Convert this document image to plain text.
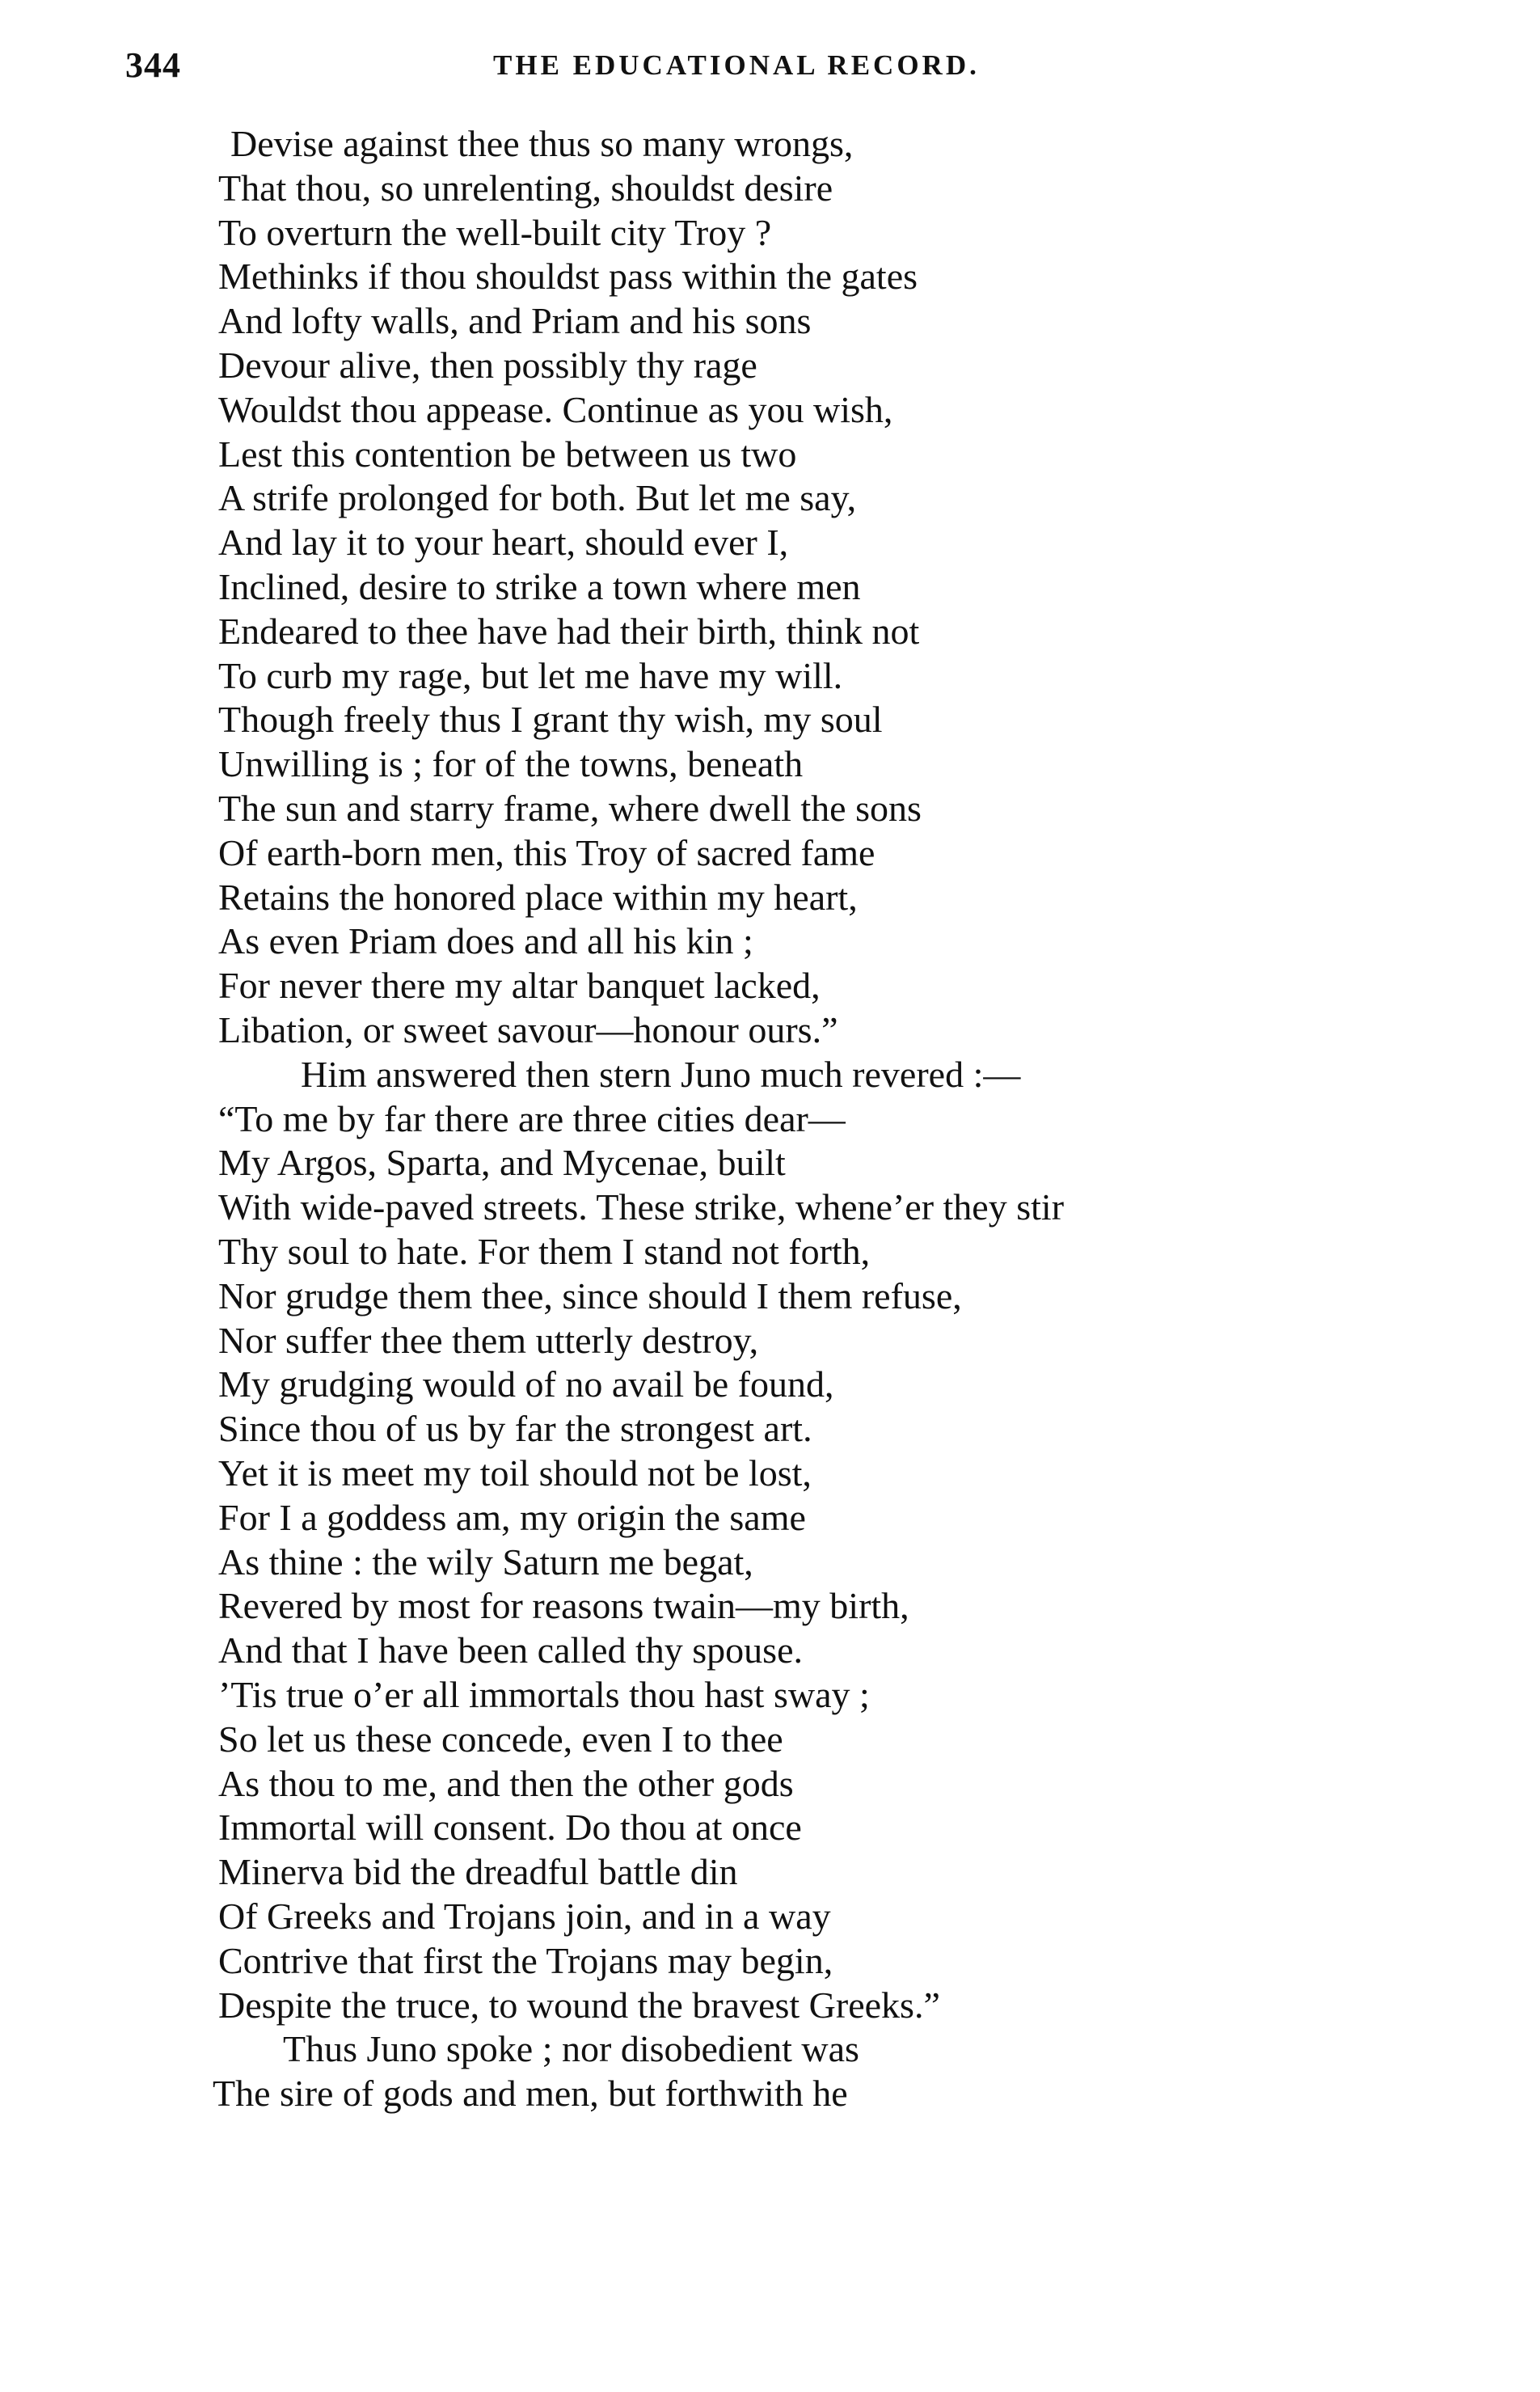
344	THE EDUCATIONAL RECORD.
Devise against thee thus so many wrongs,
That thou, so unrelenting, shouldst desire
To overturn the well-built city Troy ?
Methinks if thou shouldst pass within the gates
And lofty walls, and Priam and his sons
Devour alive, then possibly thy rage
Wouldst thou appease. Continue as you wish,
Lest this contention be between us two
A strife prolonged for both. But let me say,
And lay it to your heart, should ever I,
Inclined, desire to strike a town where men
Endeared to thee have had their birth, think not
To curb my rage, but let me have my will.
Though freely thus I grant thy wish, my soul
Unwilling is ; for of the towns, beneath
The sun and starry frame, where dwell the sons
Of earth-born men, this Troy of sacred fame
Retains the honored place within my heart,
As even Priam does and all his kin ;
For never there my altar banquet lacked,
Libation, or sweet savour—honour ours.”
Him answered then stern Juno much revered :—
“To me by far there are three cities dear—
My Argos, Sparta, and Mycenae, built
With wide-paved streets. These strike, whene’er they stir
Thy soul to hate. For them I stand not forth,
Nor grudge them thee, since should I them refuse,
Nor suffer thee them utterly destroy,
My grudging would of no avail be found,
Since thou of us by far the strongest art.
Yet it is meet my toil should not be lost,
For I a goddess am, my origin the same
As thine : the wily Saturn me begat,
Revered by most for reasons twain—my birth,
And that I have been called thy spouse.
’Tis true o’er all immortals thou hast sway ;
So let us these concede, even I to thee
As thou to me, and then the other gods
Immortal will consent. Do thou at once
Minerva bid the dreadful battle din
Of Greeks and Trojans join, and in a way
Contrive that first the Trojans may begin,
Despite the truce, to wound the bravest Greeks.”
Thus Juno spoke ; nor disobedient was
The sire of gods and men, but forthwith he
